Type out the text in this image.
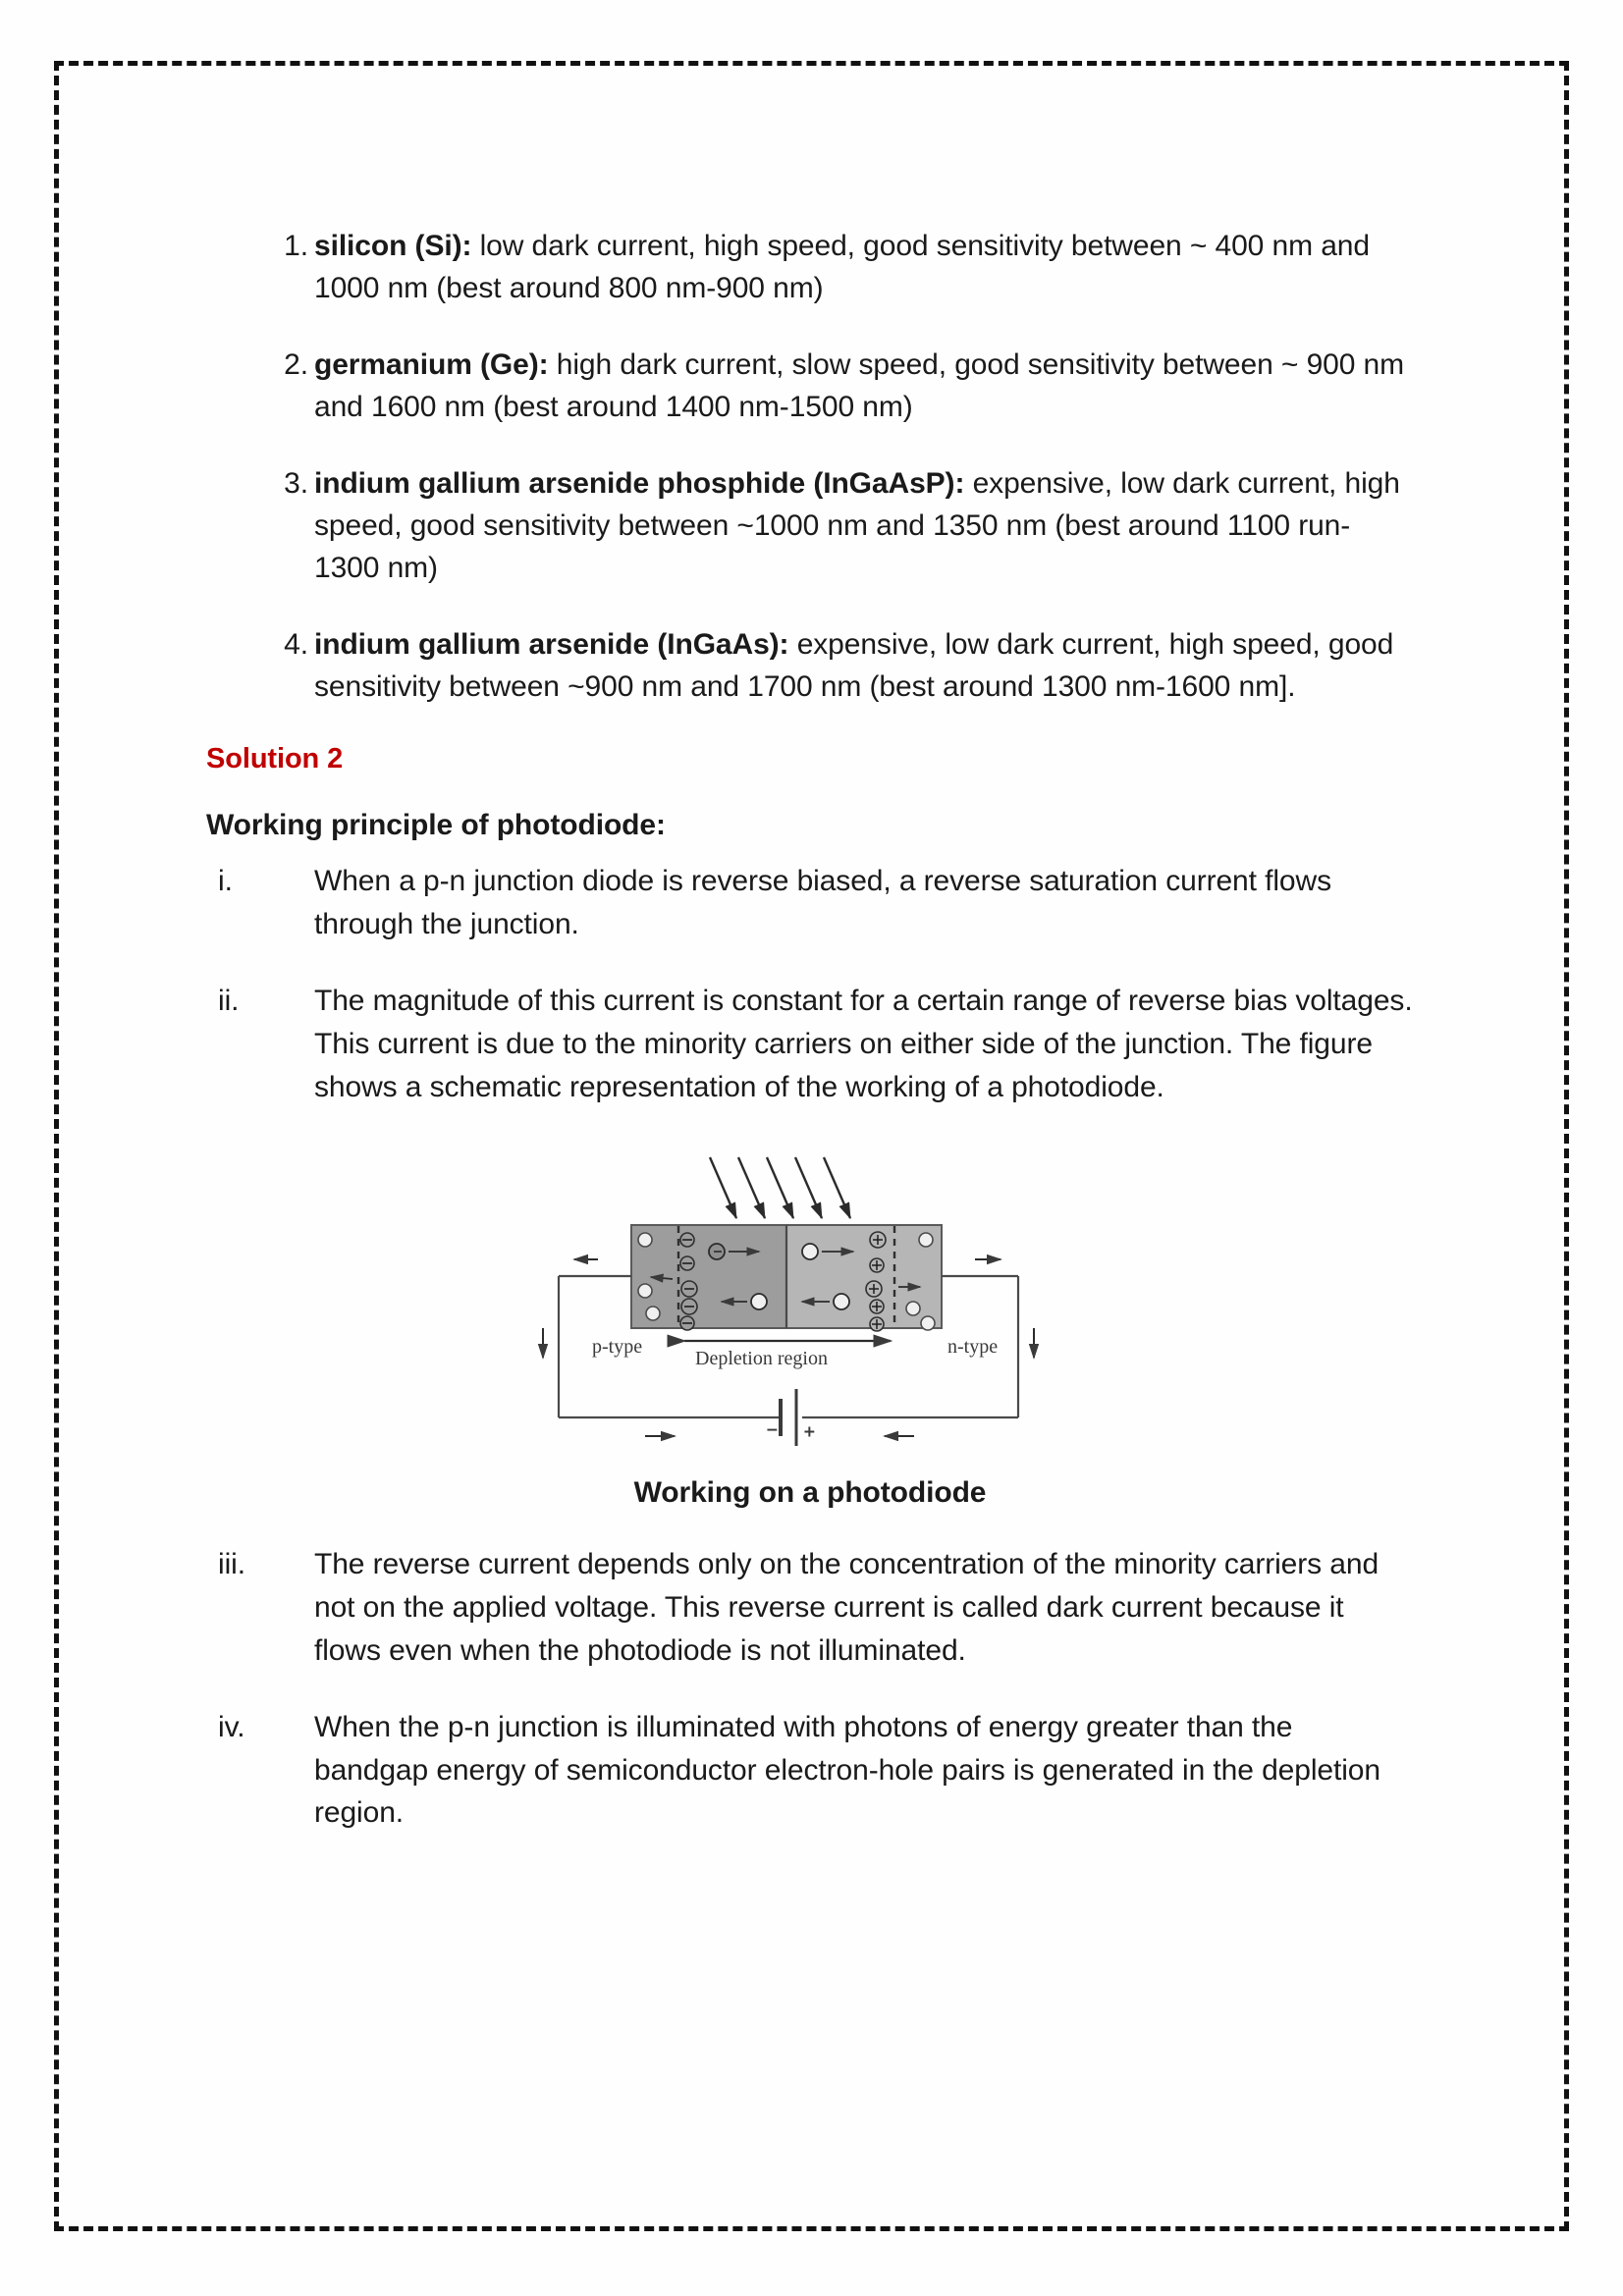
1. silicon (Si): low dark current, high speed, good sensitivity between ~ 400 nm and 1000 nm (best around 800 nm-900 nm)
2. germanium (Ge): high dark current, slow speed, good sensitivity between ~ 900 nm and 1600 nm (best around 1400 nm-1500 nm)
3. indium gallium arsenide phosphide (InGaAsP): expensive, low dark current, high speed, good sensitivity between ~1000 nm and 1350 nm (best around 1100 run-1300 nm)
4. indium gallium arsenide (InGaAs): expensive, low dark current, high speed, good sensitivity between ~900 nm and 1700 nm (best around 1300 nm-1600 nm].
Solution 2
Working principle of photodiode:
i.	When a p-n junction diode is reverse biased, a reverse saturation current flows through the junction.
ii.	The magnitude of this current is constant for a certain range of reverse bias voltages. This current is due to the minority carriers on either side of the junction. The figure shows a schematic representation of the working of a photodiode.
− +
p-type
Depletion region
n-type
Working on a photodiode
iii.	The reverse current depends only on the concentration of the minority carriers and not on the applied voltage. This reverse current is called dark current because it flows even when the photodiode is not illuminated.
iv.	When the p-n junction is illuminated with photons of energy greater than the bandgap energy of semiconductor electron-hole pairs is generated in the depletion region.
